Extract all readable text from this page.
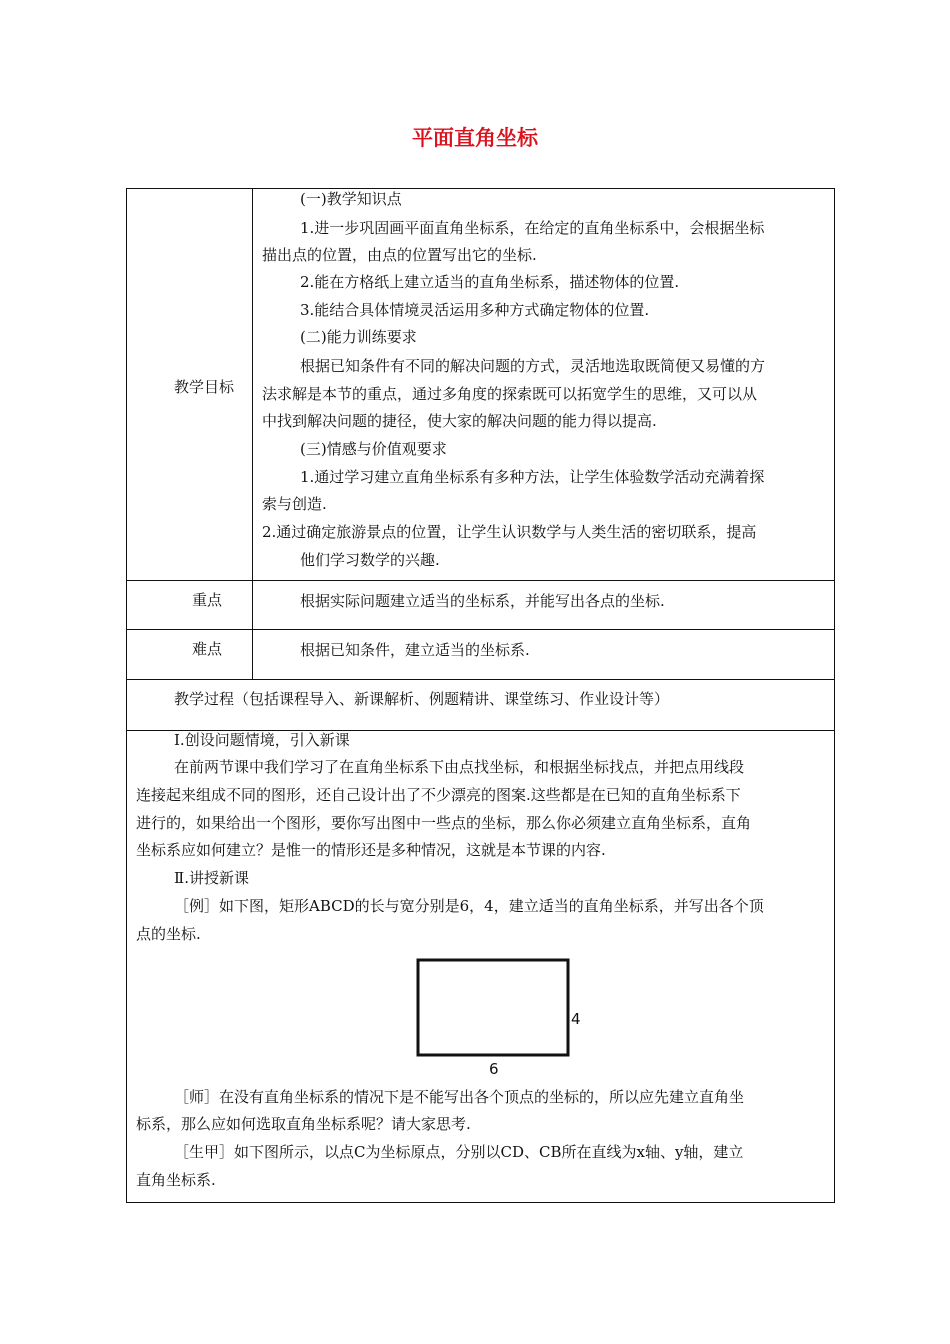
平面直角坐标
教学目标
(一)教学知识点
1.进一步巩固画平面直角坐标系，在给定的直角坐标系中，会根据坐标
描出点的位置，由点的位置写出它的坐标.
2.能在方格纸上建立适当的直角坐标系，描述物体的位置.
3.能结合具体情境灵活运用多种方式确定物体的位置.
(二)能力训练要求
根据已知条件有不同的解决问题的方式，灵活地选取既简便又易懂的方
法求解是本节的重点，通过多角度的探索既可以拓宽学生的思维，又可以从
中找到解决问题的捷径，使大家的解决问题的能力得以提高.
(三)情感与价值观要求
1.通过学习建立直角坐标系有多种方法，让学生体验数学活动充满着探
索与创造.
2.通过确定旅游景点的位置，让学生认识数学与人类生活的密切联系，提高
他们学习数学的兴趣.
重点	根据实际问题建立适当的坐标系，并能写出各点的坐标.
难点	根据已知条件，建立适当的坐标系.
教学过程（包括课程导入、新课解析、例题精讲、课堂练习、作业设计等）
Ⅰ.创设问题情境，引入新课
在前两节课中我们学习了在直角坐标系下由点找坐标，和根据坐标找点，并把点用线段
连接起来组成不同的图形，还自己设计出了不少漂亮的图案.这些都是在已知的直角坐标系下
进行的，如果给出一个图形，要你写出图中一些点的坐标，那么你必须建立直角坐标系，直角
坐标系应如何建立？是惟一的情形还是多种情况，这就是本节课的内容.
Ⅱ.讲授新课
［例］如下图，矩形ABCD的长与宽分别是6，4，建立适当的直角坐标系，并写出各个顶
点的坐标.
4
6
［师］在没有直角坐标系的情况下是不能写出各个顶点的坐标的，所以应先建立直角坐
标系，那么应如何选取直角坐标系呢？请大家思考.
［生甲］如下图所示，以点C为坐标原点，分别以CD、CB所在直线为x轴、y轴，建立
直角坐标系.
